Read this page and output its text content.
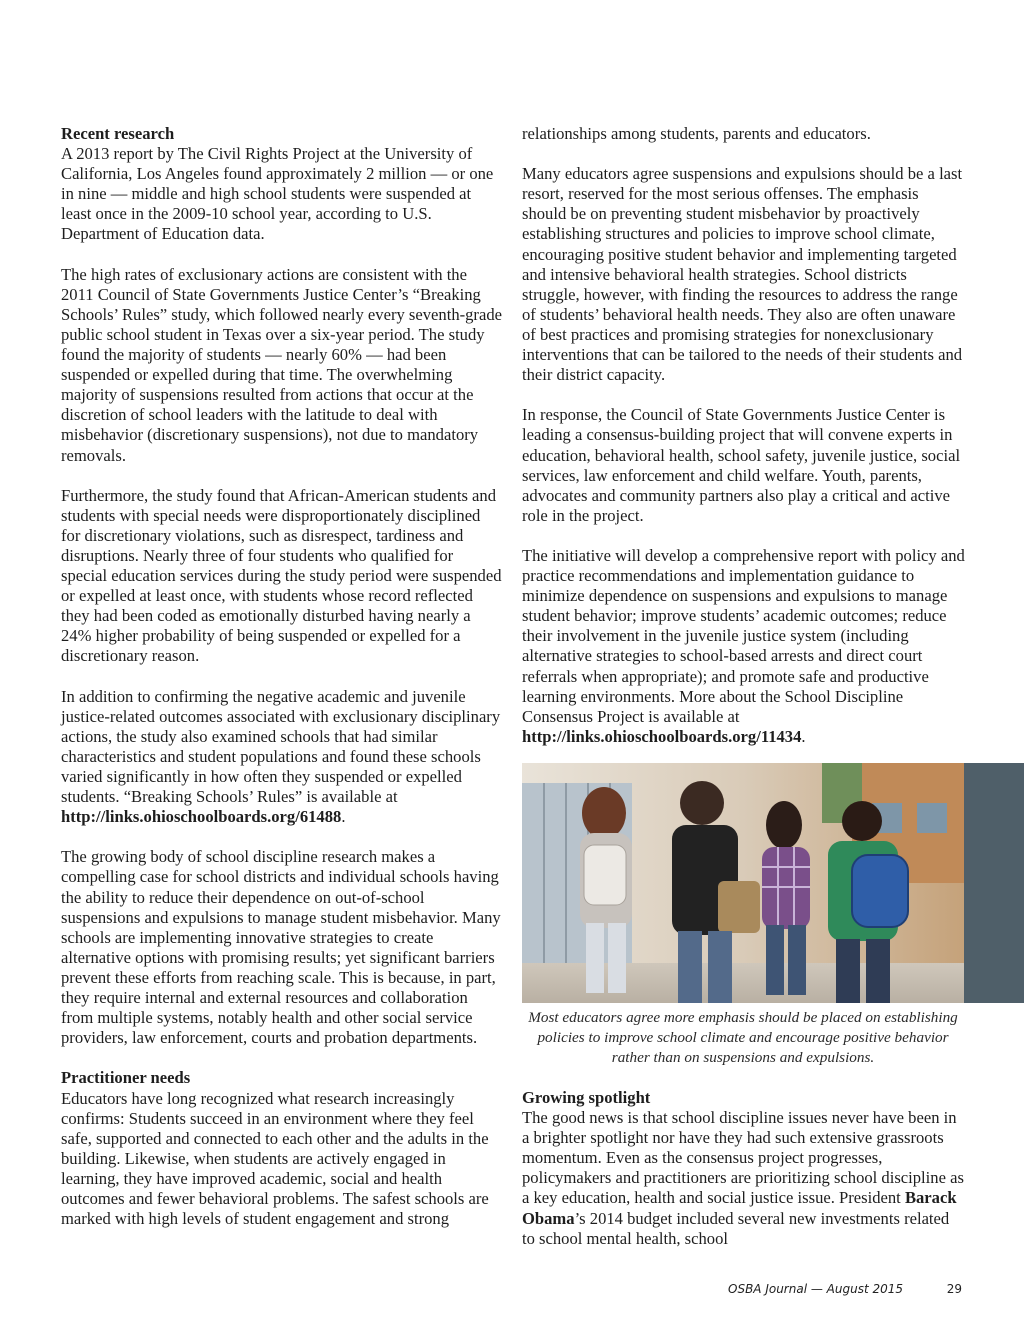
Recent research

A 2013 report by The Civil Rights Project at the University of California, Los Angeles found approximately 2 million — or one in nine — middle and high school students were suspended at least once in the 2009-10 school year, according to U.S. Department of Education data.

The high rates of exclusionary actions are consistent with the 2011 Council of State Governments Justice Center’s “Breaking Schools’ Rules” study, which followed nearly every seventh-grade public school student in Texas over a six-year period. The study found the majority of students — nearly 60% — had been suspended or expelled during that time. The overwhelming majority of suspensions resulted from actions that occur at the discretion of school leaders with the latitude to deal with misbehavior (discretionary suspensions), not due to mandatory removals.

Furthermore, the study found that African-American students and students with special needs were disproportionately disciplined for discretionary violations, such as disrespect, tardiness and disruptions. Nearly three of four students who qualified for special education services during the study period were suspended or expelled at least once, with students whose record reflected they had been coded as emotionally disturbed having nearly a 24% higher probability of being suspended or expelled for a discretionary reason.

In addition to confirming the negative academic and juvenile justice-related outcomes associated with exclusionary disciplinary actions, the study also examined schools that had similar characteristics and student populations and found these schools varied significantly in how often they suspended or expelled students. “Breaking Schools’ Rules” is available at http://links.ohioschoolboards.org/61488.

The growing body of school discipline research makes a compelling case for school districts and individual schools having the ability to reduce their dependence on out-of-school suspensions and expulsions to manage student misbehavior. Many schools are implementing innovative strategies to create alternative options with promising results; yet significant barriers prevent these efforts from reaching scale. This is because, in part, they require internal and external resources and collaboration from multiple systems, notably health and other social service providers, law enforcement, courts and probation departments.

Practitioner needs

Educators have long recognized what research increasingly confirms: Students succeed in an environment where they feel safe, supported and connected to each other and the adults in the building. Likewise, when students are actively engaged in learning, they have improved academic, social and health outcomes and fewer behavioral problems. The safest schools are marked with high levels of student engagement and strong

relationships among students, parents and educators.

Many educators agree suspensions and expulsions should be a last resort, reserved for the most serious offenses. The emphasis should be on preventing student misbehavior by proactively establishing structures and policies to improve school climate, encouraging positive student behavior and implementing targeted and intensive behavioral health strategies. School districts struggle, however, with finding the resources to address the range of students’ behavioral health needs. They also are often unaware of best practices and promising strategies for nonexclusionary interventions that can be tailored to the needs of their students and their district capacity.

In response, the Council of State Governments Justice Center is leading a consensus-building project that will convene experts in education, behavioral health, school safety, juvenile justice, social services, law enforcement and child welfare. Youth, parents, advocates and community partners also play a critical and active role in the project.

The initiative will develop a comprehensive report with policy and practice recommendations and implementation guidance to minimize dependence on suspensions and expulsions to manage student behavior; improve students’ academic outcomes; reduce their involvement in the juvenile justice system (including alternative strategies to school-based arrests and direct court referrals when appropriate); and promote safe and productive learning environments. More about the School Discipline Consensus Project is available at http://links.ohioschoolboards.org/11434.

Most educators agree more emphasis should be placed on establishing policies to improve school climate and encourage positive behavior rather than on suspensions and expulsions.
Growing spotlight

The good news is that school discipline issues never have been in a brighter spotlight nor have they had such extensive grassroots momentum. Even as the consensus project progresses, policymakers and practitioners are prioritizing school discipline as a key education, health and social justice issue. President Barack Obama’s 2014 budget included several new investments related to school mental health, school

OSBA Journal — August 2015	29
